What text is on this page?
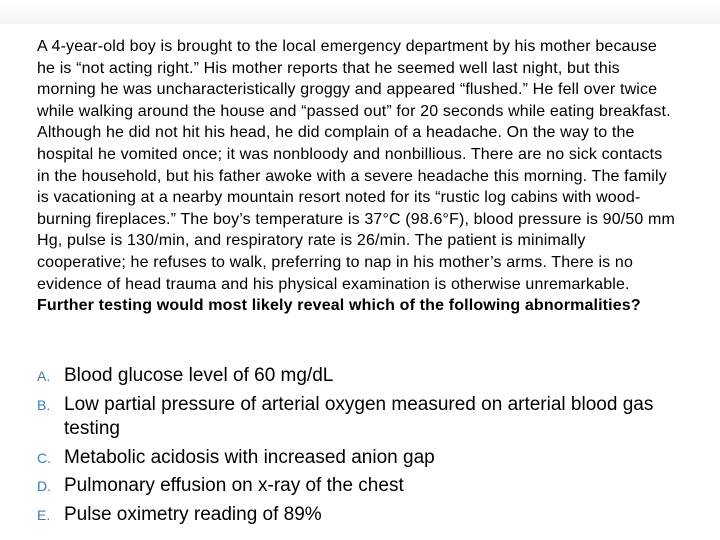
A 4-year-old boy is brought to the local emergency department by his mother because he is “not acting right.” His mother reports that he seemed well last night, but this morning he was uncharacteristically groggy and appeared “flushed.” He fell over twice while walking around the house and “passed out” for 20 seconds while eating breakfast. Although he did not hit his head, he did complain of a headache. On the way to the hospital he vomited once; it was nonbloody and nonbillious. There are no sick contacts in the household, but his father awoke with a severe headache this morning. The family is vacationing at a nearby mountain resort noted for its “rustic log cabins with wood-burning fireplaces.” The boy’s temperature is 37°C (98.6°F), blood pressure is 90/50 mm Hg, pulse is 130/min, and respiratory rate is 26/min. The patient is minimally cooperative; he refuses to walk, preferring to nap in his mother’s arms. There is no evidence of head trauma and his physical examination is otherwise unremarkable. Further testing would most likely reveal which of the following abnormalities?

A. Blood glucose level of 60 mg/dL
B. Low partial pressure of arterial oxygen measured on arterial blood gas testing
C. Metabolic acidosis with increased anion gap
D. Pulmonary effusion on x-ray of the chest
E. Pulse oximetry reading of 89%
